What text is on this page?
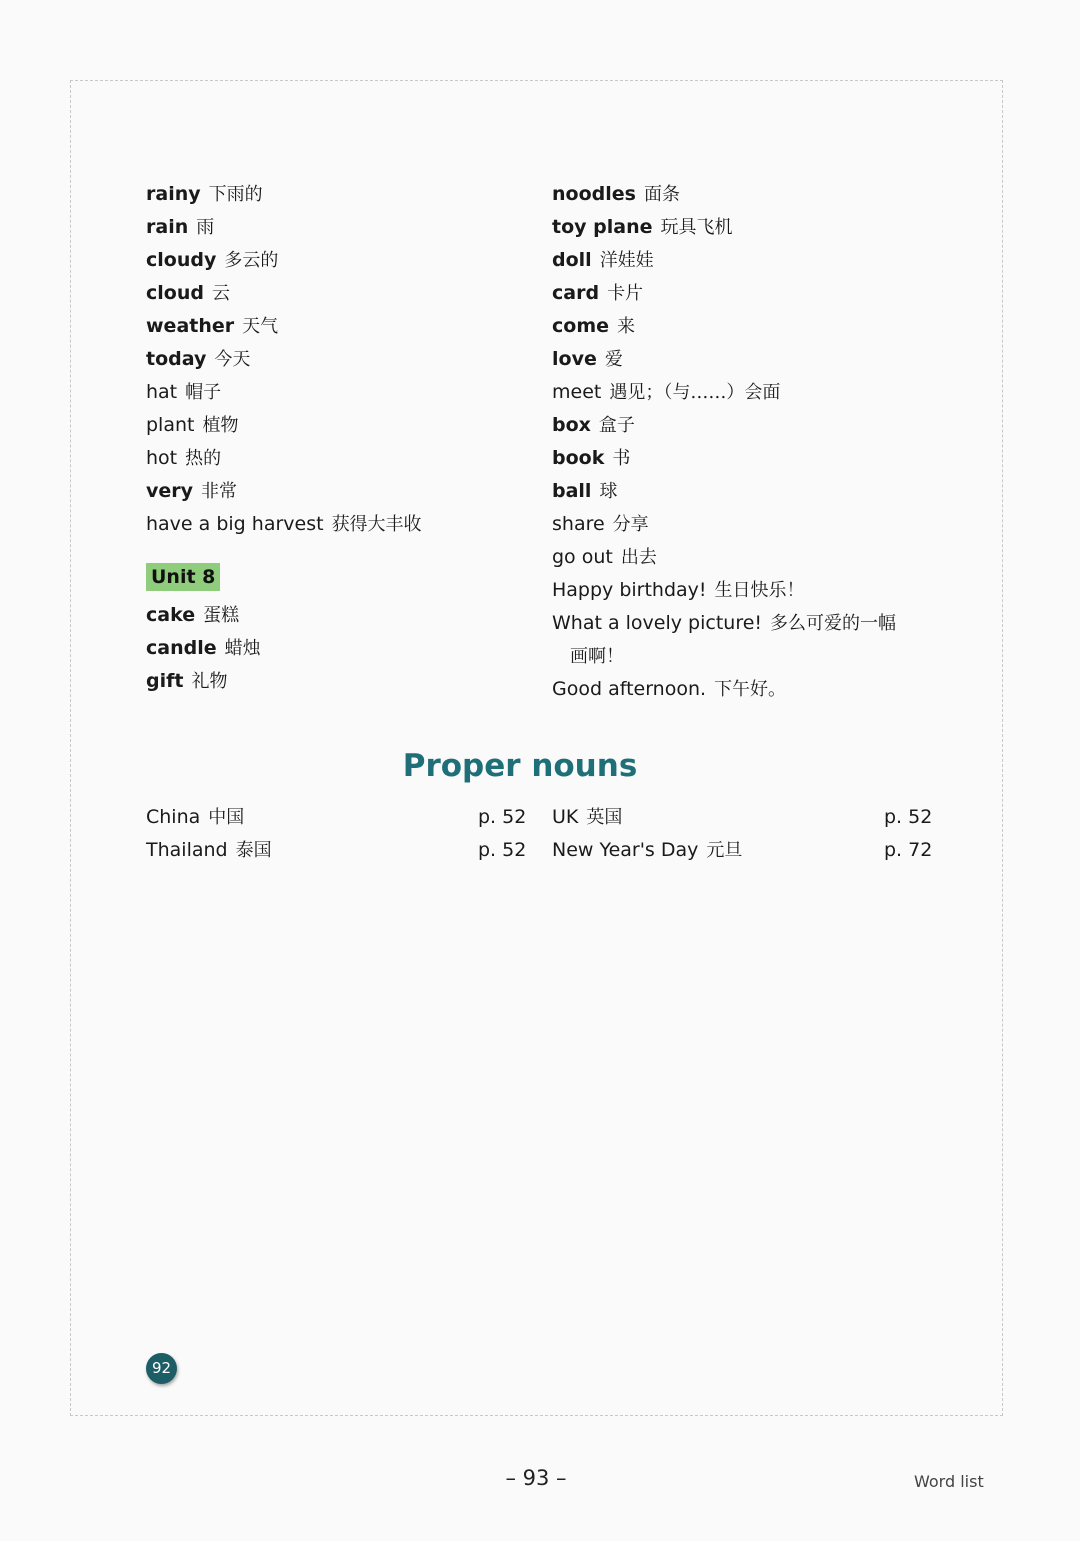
rainy 下雨的
rain 雨
cloudy 多云的
cloud 云
weather 天气
today 今天
hat 帽子
plant 植物
hot 热的
very 非常
have a big harvest 获得大丰收
Unit 8
cake 蛋糕
candle 蜡烛
gift 礼物
noodles 面条
toy plane 玩具飞机
doll 洋娃娃
card 卡片
come 来
love 爱
meet 遇见；（与……）会面
box 盒子
book 书
ball 球
share 分享
go out 出去
Happy birthday! 生日快乐！
What a lovely picture! 多么可爱的一幅
画啊！
Good afternoon. 下午好。
Proper nouns
China 中国	p. 52
Thailand 泰国	p. 52
UK 英国	p. 52
New Year's Day 元旦	p. 72
92
– 93 –	Word list
